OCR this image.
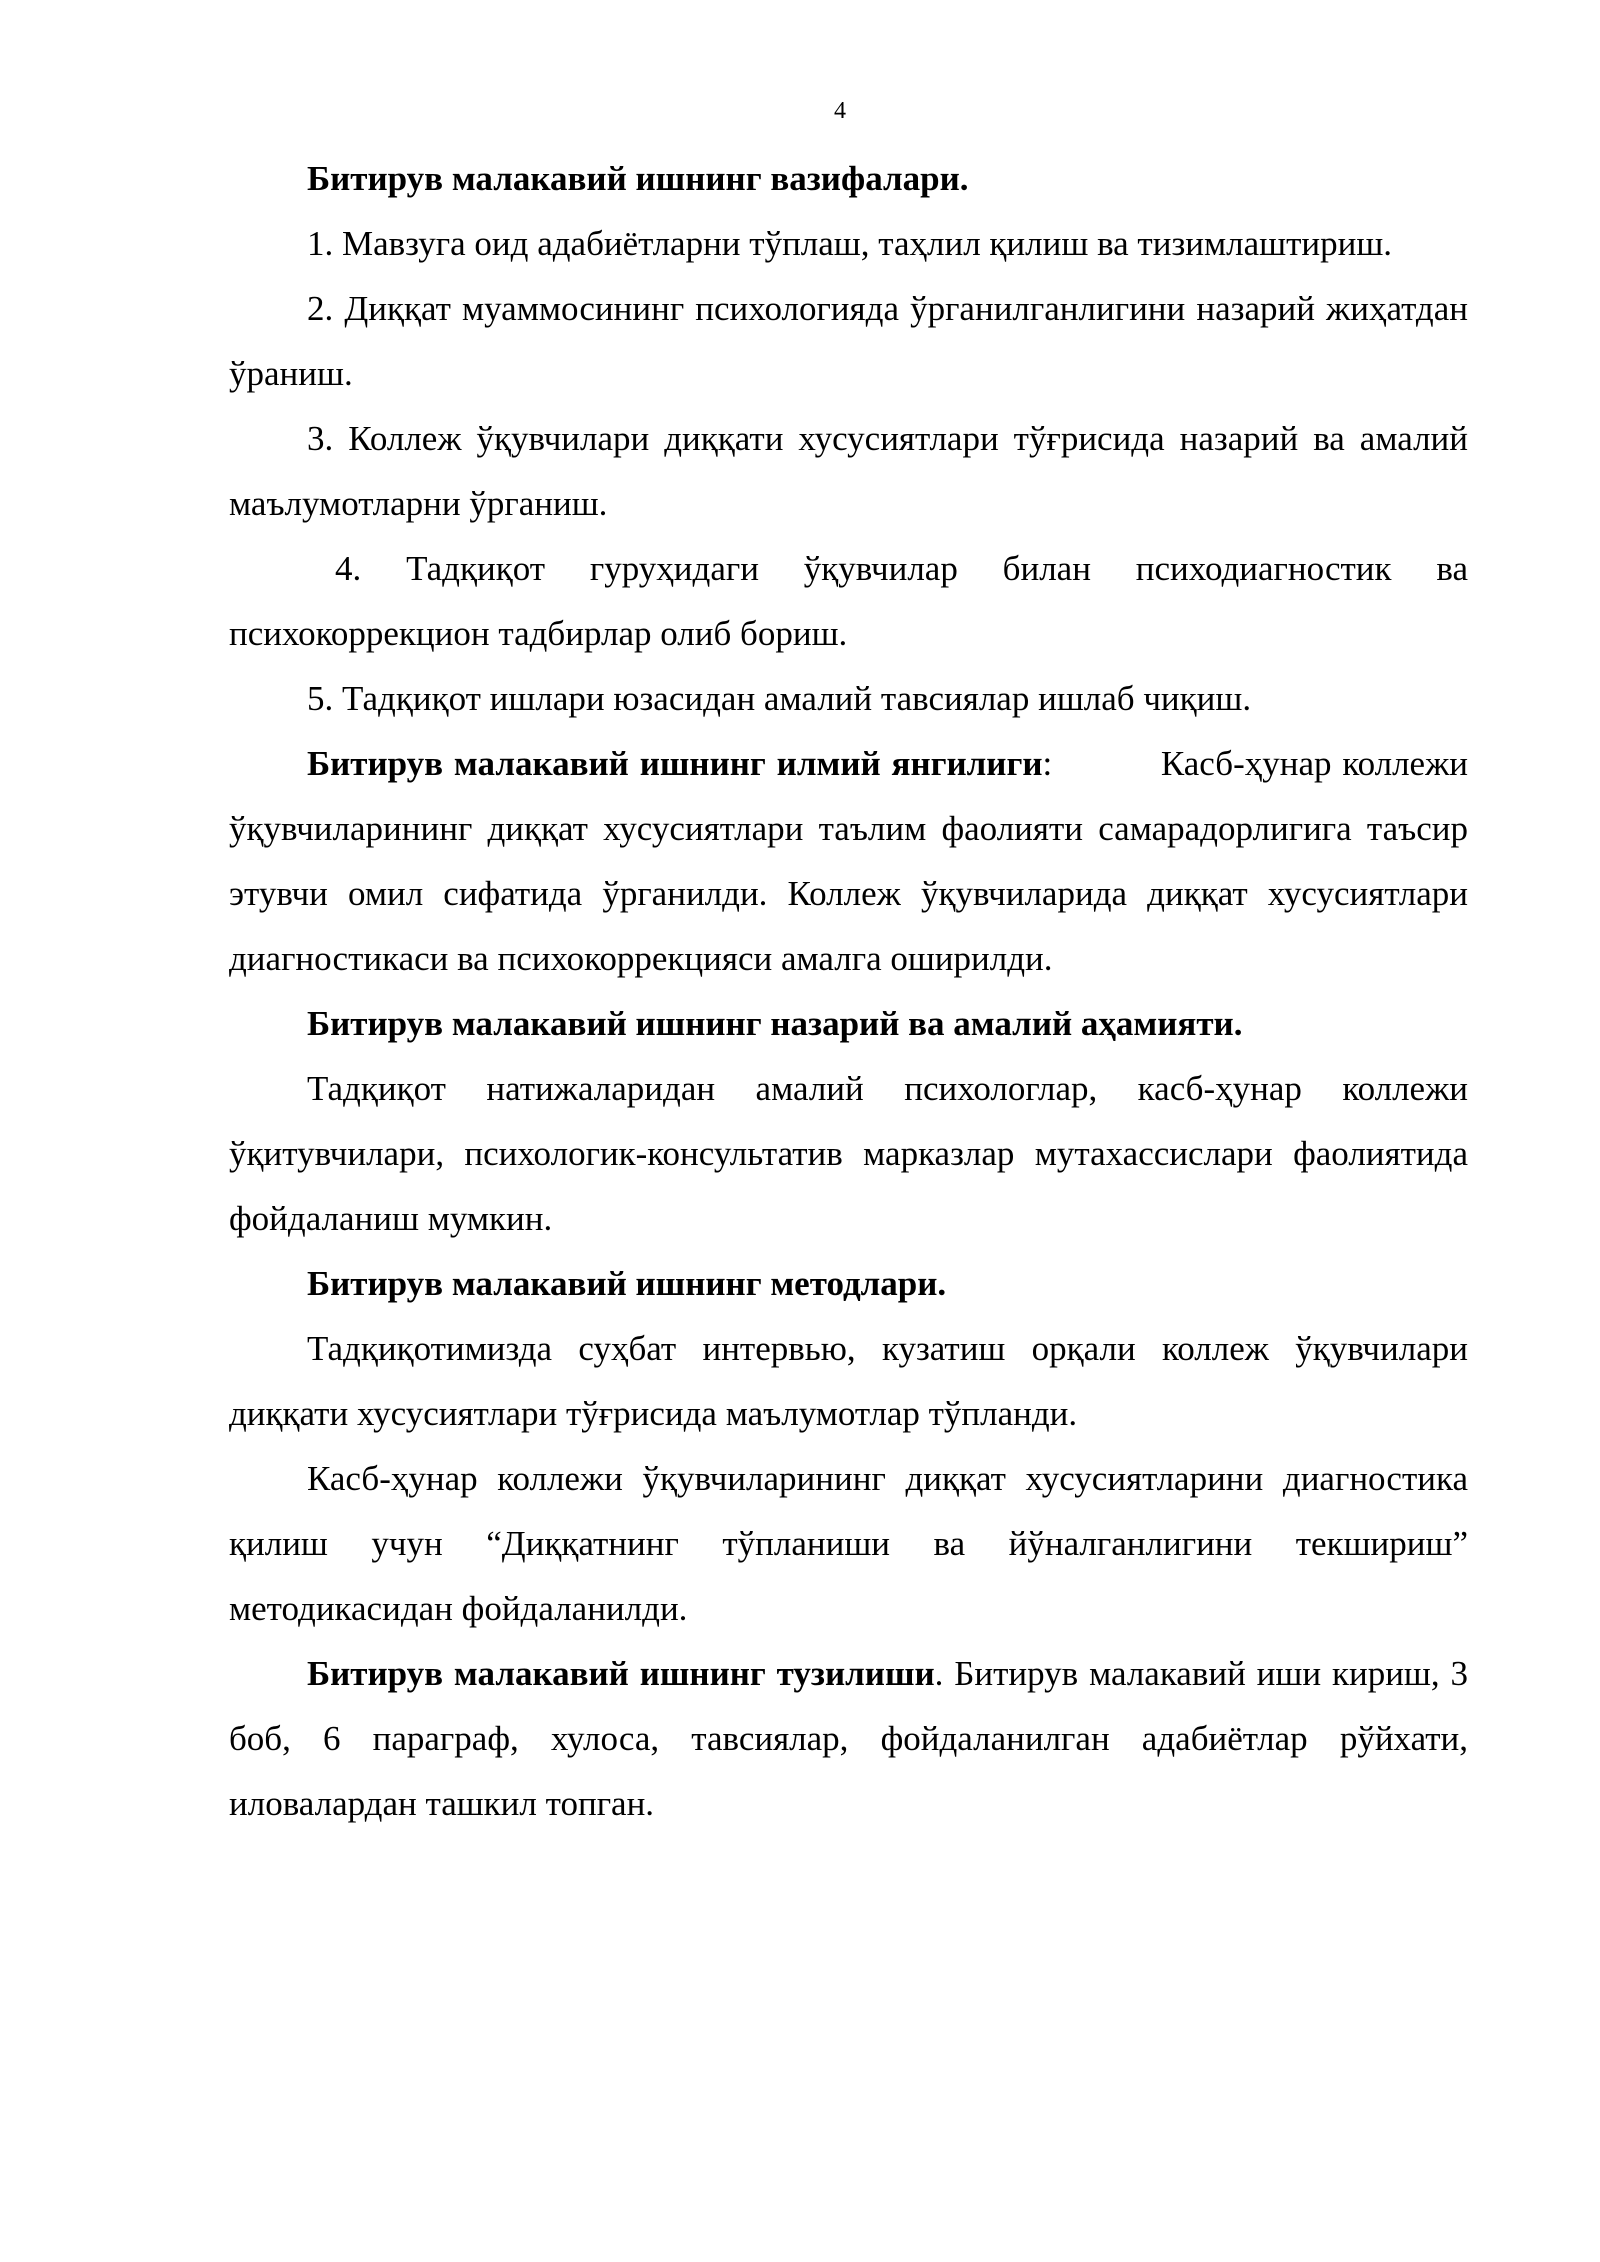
4

Битирув малакавий ишнинг вазифалари.

1. Мавзуга оид адабиётларни тўплаш, таҳлил қилиш ва тизимлаштириш.

2. Диққат муаммосининг психологияда ўрганилганлигини назарий жиҳатдан ўраниш.

3. Коллеж ўқувчилари диққати хусусиятлари тўғрисида назарий ва амалий маълумотларни ўрганиш.

4. Тадқиқот гуруҳидаги ўқувчилар билан психодиагностик ва психокоррекцион тадбирлар олиб бориш.

5. Тадқиқот ишлари юзасидан амалий тавсиялар ишлаб чиқиш.

Битирув малакавий ишнинг илмий янгилиги:	Касб-ҳунар коллежи ўқувчиларининг диққат хусусиятлари таълим фаолияти самарадорлигига таъсир этувчи омил сифатида ўрганилди. Коллеж ўқувчиларида диққат хусусиятлари диагностикаси ва психокоррекцияси амалга оширилди.

Битирув малакавий ишнинг назарий ва амалий аҳамияти.

Тадқиқот натижаларидан амалий психологлар, касб-ҳунар коллежи ўқитувчилари, психологик-консультатив марказлар мутахассислари фаолиятида фойдаланиш мумкин.

Битирув малакавий ишнинг методлари.

Тадқиқотимизда суҳбат интервью, кузатиш орқали коллеж ўқувчилари диққати хусусиятлари тўғрисида маълумотлар тўпланди.

Касб-ҳунар коллежи ўқувчиларининг диққат хусусиятларини диагностика қилиш учун “Диққатнинг тўпланиши ва йўналганлигини текшириш” методикасидан фойдаланилди.

Битирув малакавий ишнинг тузилиши. Битирув малакавий иши кириш, 3 боб, 6 параграф, хулоса, тавсиялар, фойдаланилган адабиётлар рўйхати, иловалардан ташкил топган.
